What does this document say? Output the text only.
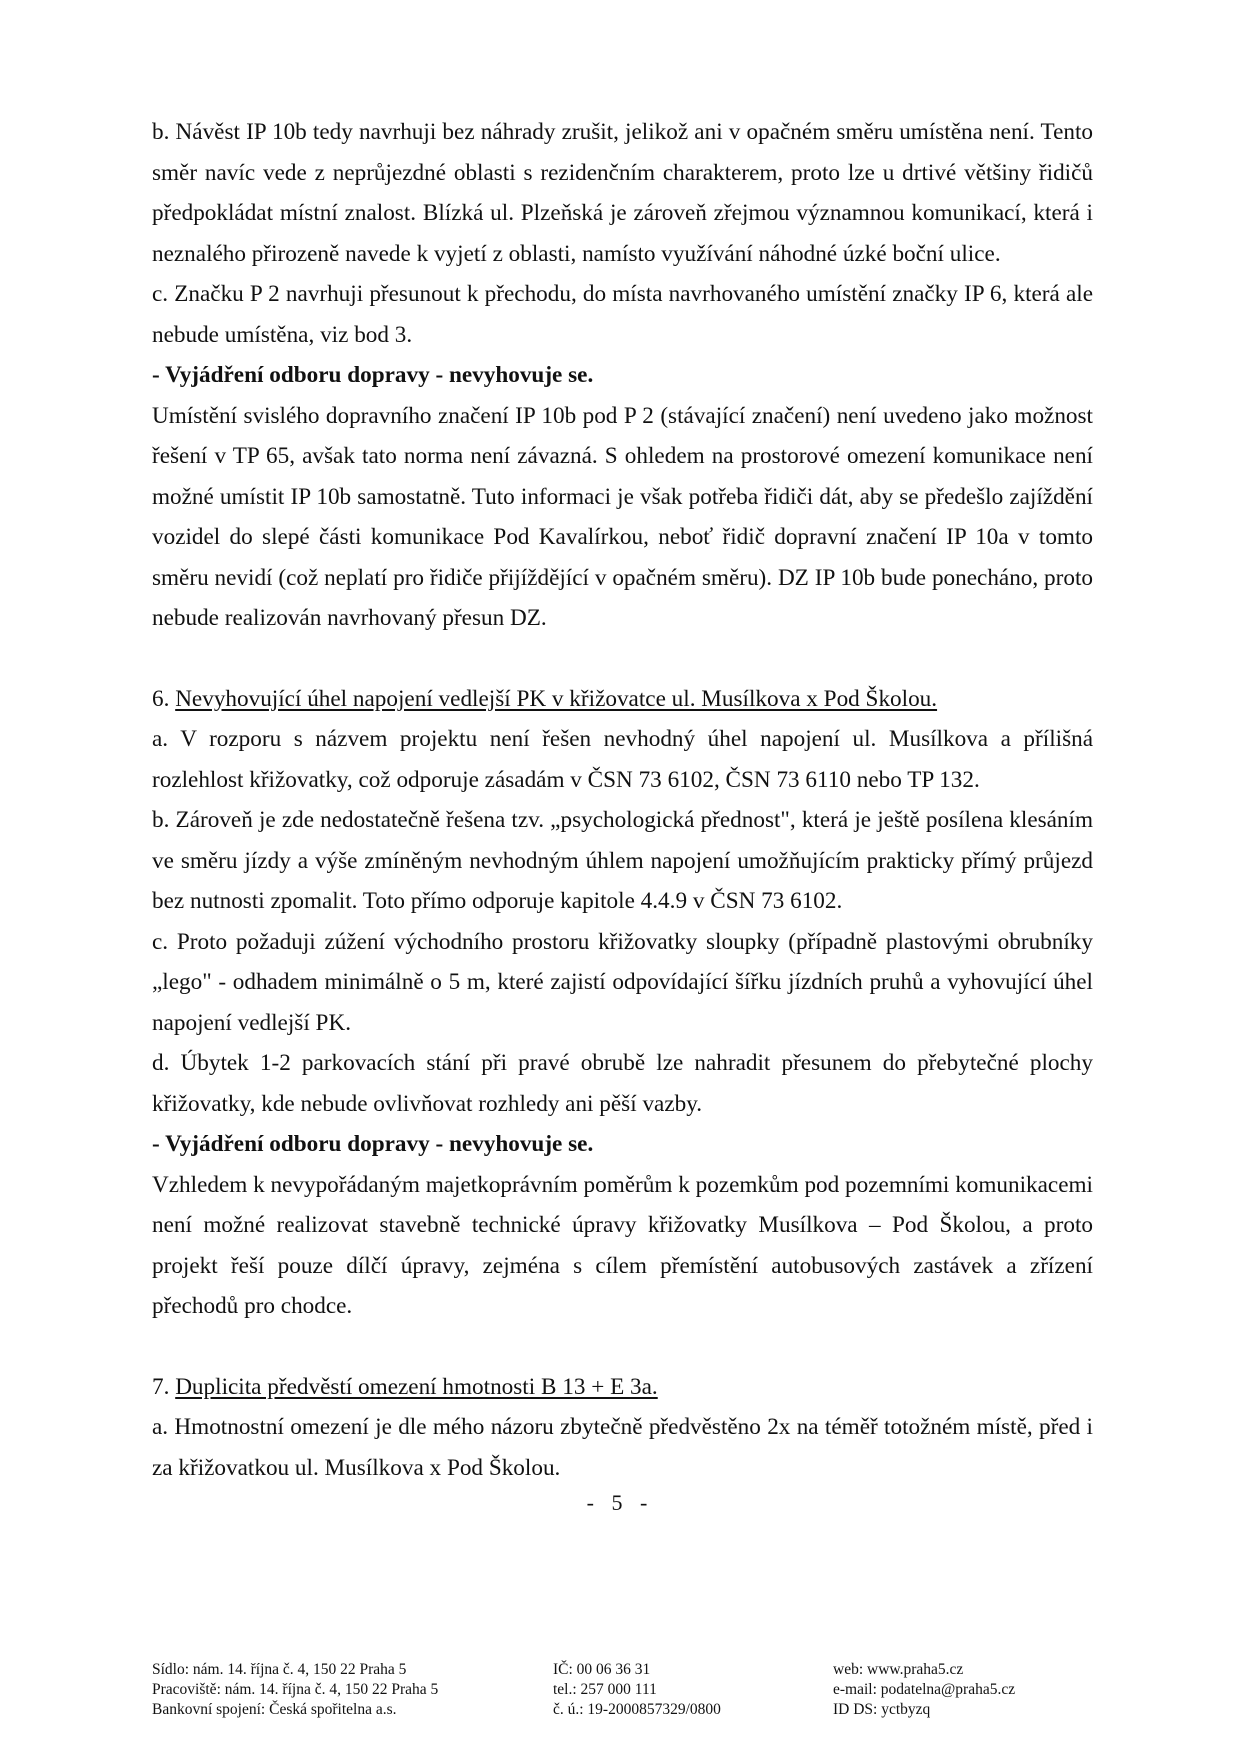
b. Návěst IP 10b tedy navrhuji bez náhrady zrušit, jelikož ani v opačném směru umístěna není. Tento směr navíc vede z neprůjezdné oblasti s rezidenčním charakterem, proto lze u drtivé většiny řidičů předpokládat místní znalost. Blízká ul. Plzeňská je zároveň zřejmou významnou komunikací, která i neznalého přirozeně navede k vyjetí z oblasti, namísto využívání náhodné úzké boční ulice.

c. Značku P 2 navrhuji přesunout k přechodu, do místa navrhovaného umístění značky IP 6, která ale nebude umístěna, viz bod 3.

- Vyjádření odboru dopravy - nevyhovuje se.

Umístění svislého dopravního značení IP 10b pod P 2 (stávající značení) není uvedeno jako možnost řešení v TP 65, avšak tato norma není závazná. S ohledem na prostorové omezení komunikace není možné umístit IP 10b samostatně. Tuto informaci je však potřeba řidiči dát, aby se předešlo zajíždění vozidel do slepé části komunikace Pod Kavalírkou, neboť řidič dopravní značení IP 10a v tomto směru nevidí (což neplatí pro řidiče přijíždějící v opačném směru). DZ IP 10b bude ponecháno, proto nebude realizován navrhovaný přesun DZ.

6. Nevyhovující úhel napojení vedlejší PK v křižovatce ul. Musílkova x Pod Školou.

a. V rozporu s názvem projektu není řešen nevhodný úhel napojení ul. Musílkova a přílišná rozlehlost křižovatky, což odporuje zásadám v ČSN 73 6102, ČSN 73 6110 nebo TP 132.

b. Zároveň je zde nedostatečně řešena tzv. „psychologická přednost", která je ještě posílena klesáním ve směru jízdy a výše zmíněným nevhodným úhlem napojení umožňujícím prakticky přímý průjezd bez nutnosti zpomalit. Toto přímo odporuje kapitole 4.4.9 v ČSN 73 6102.

c. Proto požaduji zúžení východního prostoru křižovatky sloupky (případně plastovými obrubníky „lego" - odhadem minimálně o 5 m, které zajistí odpovídající šířku jízdních pruhů a vyhovující úhel napojení vedlejší PK.

d. Úbytek 1-2 parkovacích stání při pravé obrubě lze nahradit přesunem do přebytečné plochy křižovatky, kde nebude ovlivňovat rozhledy ani pěší vazby.

- Vyjádření odboru dopravy - nevyhovuje se.

Vzhledem k nevypořádaným majetkoprávním poměrům k pozemkům pod pozemními komunikacemi není možné realizovat stavebně technické úpravy křižovatky Musílkova – Pod Školou, a proto projekt řeší pouze dílčí úpravy, zejména s cílem přemístění autobusových zastávek a zřízení přechodů pro chodce.

7. Duplicita předvěstí omezení hmotnosti B 13 + E 3a.

a. Hmotnostní omezení je dle mého názoru zbytečně předvěstěno 2x na téměř totožném místě, před i za křižovatkou ul. Musílkova x Pod Školou.

- 5 -
Sídlo: nám. 14. října č. 4, 150 22 Praha 5
Pracoviště: nám. 14. října č. 4, 150 22 Praha 5
Bankovní spojení: Česká spořitelna a.s.
IČ: 00 06 36 31
tel.: 257 000 111
č. ú.: 19-2000857329/0800
web: www.praha5.cz
e-mail: podatelna@praha5.cz
ID DS: yctbyzq
